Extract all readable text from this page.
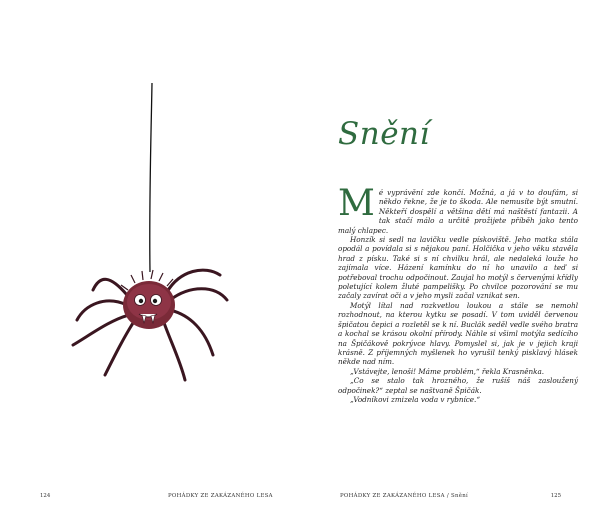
124	POHÁDKY ZE ZAKÁZANÉHO LESA
Snění

Mé vyprávění zde končí. Možná, a já v to doufám, si někdo řekne, že je to škoda. Ale nemusíte být smutní. Někteří dospělí a většina dětí má naštěstí fantazii. A tak stačí málo a určitě prožijete příběh jako tento malý chlapec.

Honzík si sedl na lavičku vedle pískoviště. Jeho matka stála opodál a povídala si s nějakou paní. Holčička v jeho věku stavěla hrad z písku. Také si s ní chvilku hrál, ale nedaleká louže ho zajímala více. Házení kamínku do ní ho unavilo a teď si potřeboval trochu odpočinout. Zaujal ho motýl s červenými křídly poletující kolem žluté pampelišky. Po chvilce pozorování se mu začaly zavírat oči a v jeho mysli začal vznikat sen.

Motýl lítal nad rozkvetlou loukou a stále se nemohl rozhodnout, na kterou kytku se posadí. V tom uviděl červenou špičatou čepici a rozletěl se k ní. Buclák seděl vedle svého bratra a kochal se krásou okolní přírody. Náhle si všiml motýla sedícího na Špičákově pokrývce hlavy. Pomyslel si, jak je v jejich kraji krásně. Z příjemných myšlenek ho vyrušil tenký pisklavý hlásek někde nad ním.

„Vstávejte, lenoši! Máme problém,“ řekla Krasněnka.

„Co se stalo tak hrozného, že rušíš náš zasloužený odpočinek?“ zeptal se naštvaně Špičák.

„Vodníkovi zmizela voda v rybníce.“

POHÁDKY ZE ZAKÁZANÉHO LESA / Snění	125
